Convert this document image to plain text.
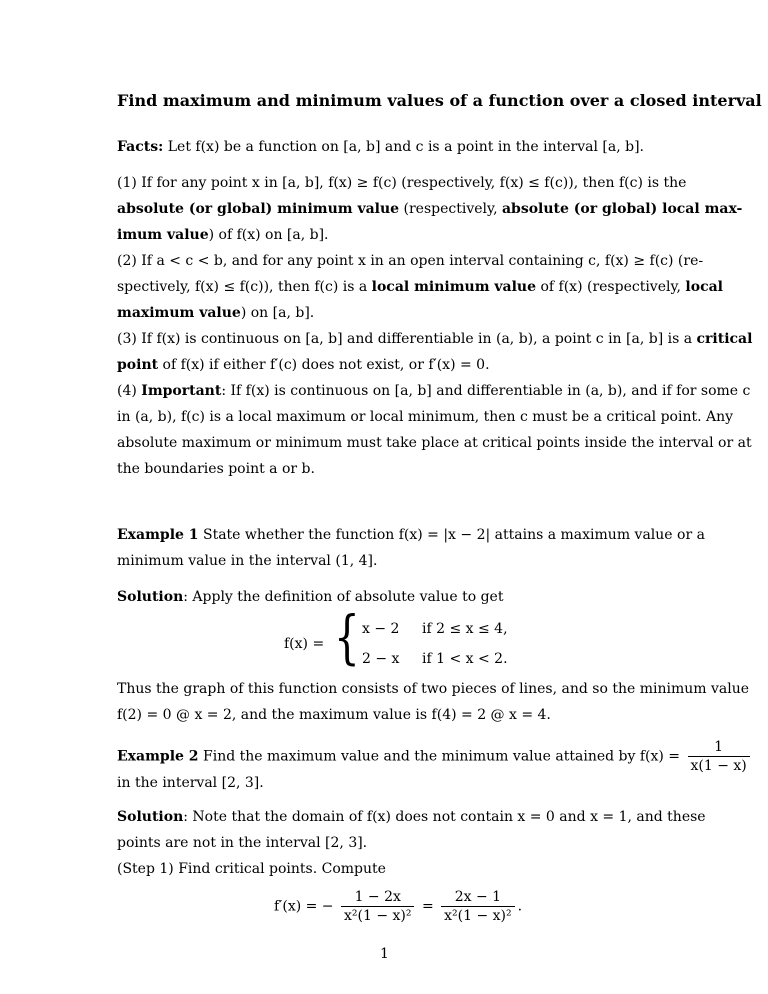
Find maximum and minimum values of a function over a closed interval
Facts: Let f(x) be a function on [a, b] and c is a point in the interval [a, b].
(1) If for any point x in [a, b], f(x) ≥ f(c) (respectively, f(x) ≤ f(c)), then f(c) is the
absolute (or global) minimum value (respectively, absolute (or global) local max-
imum value) of f(x) on [a, b].
(2) If a < c < b, and for any point x in an open interval containing c, f(x) ≥ f(c) (re-
spectively, f(x) ≤ f(c)), then f(c) is a local minimum value of f(x) (respectively, local
maximum value) on [a, b].
(3) If f(x) is continuous on [a, b] and differentiable in (a, b), a point c in [a, b] is a critical
point of f(x) if either f′(c) does not exist, or f′(x) = 0.
(4) Important: If f(x) is continuous on [a, b] and differentiable in (a, b), and if for some c
in (a, b), f(c) is a local maximum or local minimum, then c must be a critical point. Any
absolute maximum or minimum must take place at critical points inside the interval or at
the boundaries point a or b.
Example 1 State whether the function f(x) = |x − 2| attains a maximum value or a
minimum value in the interval (1, 4].
Solution: Apply the definition of absolute value to get
f(x) = { x − 2 if 2 ≤ x ≤ 4,
2 − x if 1 < x < 2.
Thus the graph of this function consists of two pieces of lines, and so the minimum value
f(2) = 0 @ x = 2, and the maximum value is f(4) = 2 @ x = 4.
Example 2 Find the maximum value and the minimum value attained by $f(x) = \frac{1}{x(1 - x)}$
in the interval [2, 3].
Solution: Note that the domain of f(x) does not contain x = 0 and x = 1, and these
points are not in the interval [2, 3].
(Step 1) Find critical points. Compute
f′(x) = − $\frac{1 - 2x}{\text{x²(1 − x)²}} = \frac{2x - 1}{\text{x²(1 − x)²}}$ .
1
